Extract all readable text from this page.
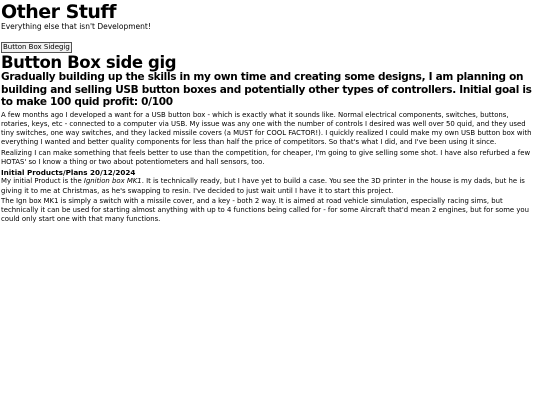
Other Stuff

Everything else that isn't Development!

Button Box Sidegig
Button Box side gig
Gradually building up the skills in my own time and creating some designs, I am planning on building and selling USB button boxes and potentially other types of controllers. Initial goal is to make 100 quid profit: 0/100

A few months ago I developed a want for a USB button box - which is exactly what it sounds like. Normal electrical components, switches, buttons, rotaries, keys, etc - connected to a computer via USB. My issue was any one with the number of controls I desired was well over 50 quid, and they used tiny switches, one way switches, and they lacked missile covers (a MUST for COOL FACTOR!). I quickly realized I could make my own USB button box with everything I wanted and better quality components for less than half the price of competitors. So that's what I did, and I've been using it since.

Realizing I can make something that feels better to use than the competition, for cheaper, I'm going to give selling some shot. I have also refurbed a few HOTAS' so I know a thing or two about potentiometers and hall sensors, too.

Initial Products/Plans 20/12/2024

My initial Product is the Ignition box MK1. It is technically ready, but I have yet to build a case. You see the 3D printer in the house is my dads, but he is giving it to me at Christmas, as he's swapping to resin. I've decided to just wait until I have it to start this project.

The Ign box MK1 is simply a switch with a missile cover, and a key - both 2 way. It is aimed at road vehicle simulation, especially racing sims, but technically it can be used for starting almost anything with up to 4 functions being called for - for some Aircraft that'd mean 2 engines, but for some you could only start one with that many functions.
